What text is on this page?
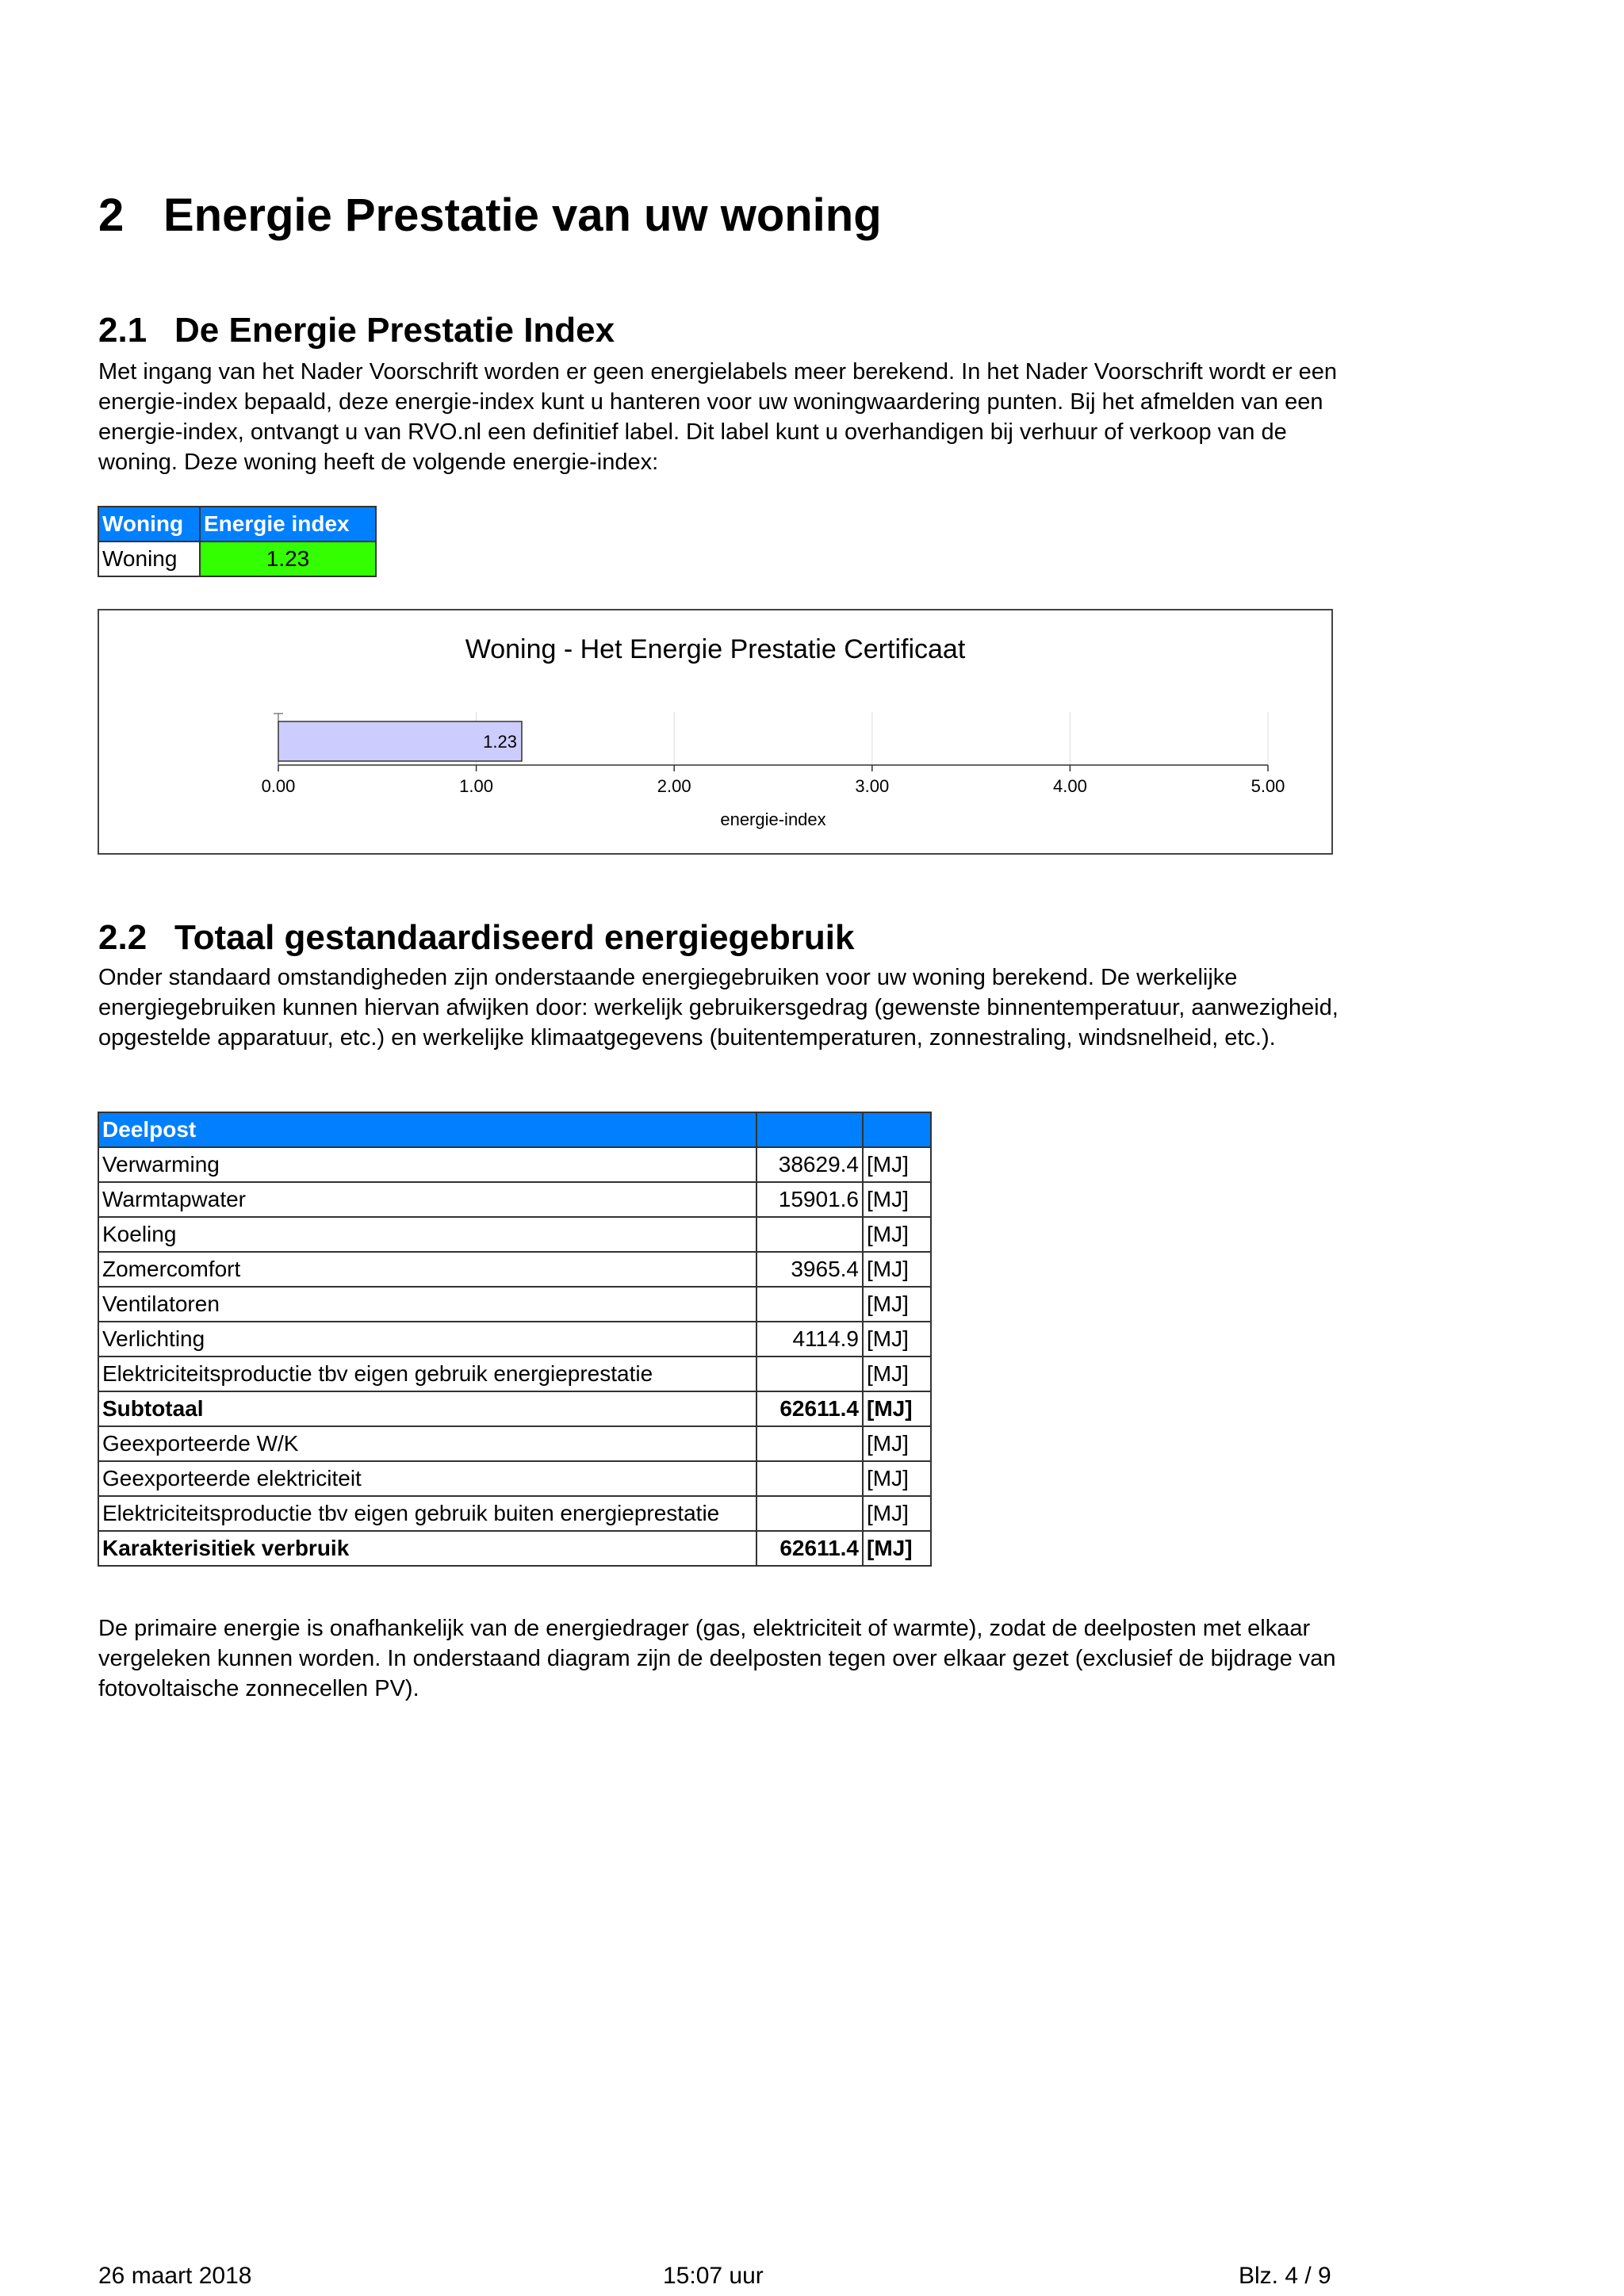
2 Energie Prestatie van uw woning
2.1 De Energie Prestatie Index

Met ingang van het Nader Voorschrift worden er geen energielabels meer berekend. In het Nader Voorschrift wordt er een energie-index bepaald, deze energie-index kunt u hanteren voor uw woningwaardering punten. Bij het afmelden van een energie-index, ontvangt u van RVO.nl een definitief label. Dit label kunt u overhandigen bij verhuur of verkoop van de woning. Deze woning heeft de volgende energie-index:

Woning	Energie index
Woning	1.23
Woning - Het Energie Prestatie Certificaat
1.23
0.00	1.00	2.00	3.00	4.00	5.00
energie-index
2.2 Totaal gestandaardiseerd energiegebruik

Onder standaard omstandigheden zijn onderstaande energiegebruiken voor uw woning berekend. De werkelijke energiegebruiken kunnen hiervan afwijken door: werkelijk gebruikersgedrag (gewenste binnentemperatuur, aanwezigheid, opgestelde apparatuur, etc.) en werkelijke klimaatgegevens (buitentemperaturen, zonnestraling, windsnelheid, etc.).

Deelpost		
Verwarming	38629.4	[MJ]
Warmtapwater	15901.6	[MJ]
Koeling		[MJ]
Zomercomfort	3965.4	[MJ]
Ventilatoren		[MJ]
Verlichting	4114.9	[MJ]
Elektriciteitsproductie tbv eigen gebruik energieprestatie		[MJ]
Subtotaal	62611.4	[MJ]
Geexporteerde W/K		[MJ]
Geexporteerde elektriciteit		[MJ]
Elektriciteitsproductie tbv eigen gebruik buiten energieprestatie		[MJ]
Karakterisitiek verbruik	62611.4	[MJ]

De primaire energie is onafhankelijk van de energiedrager (gas, elektriciteit of warmte), zodat de deelposten met elkaar vergeleken kunnen worden. In onderstaand diagram zijn de deelposten tegen over elkaar gezet (exclusief de bijdrage van fotovoltaische zonnecellen PV).

26 maart 2018	15:07 uur	Blz. 4 / 9
